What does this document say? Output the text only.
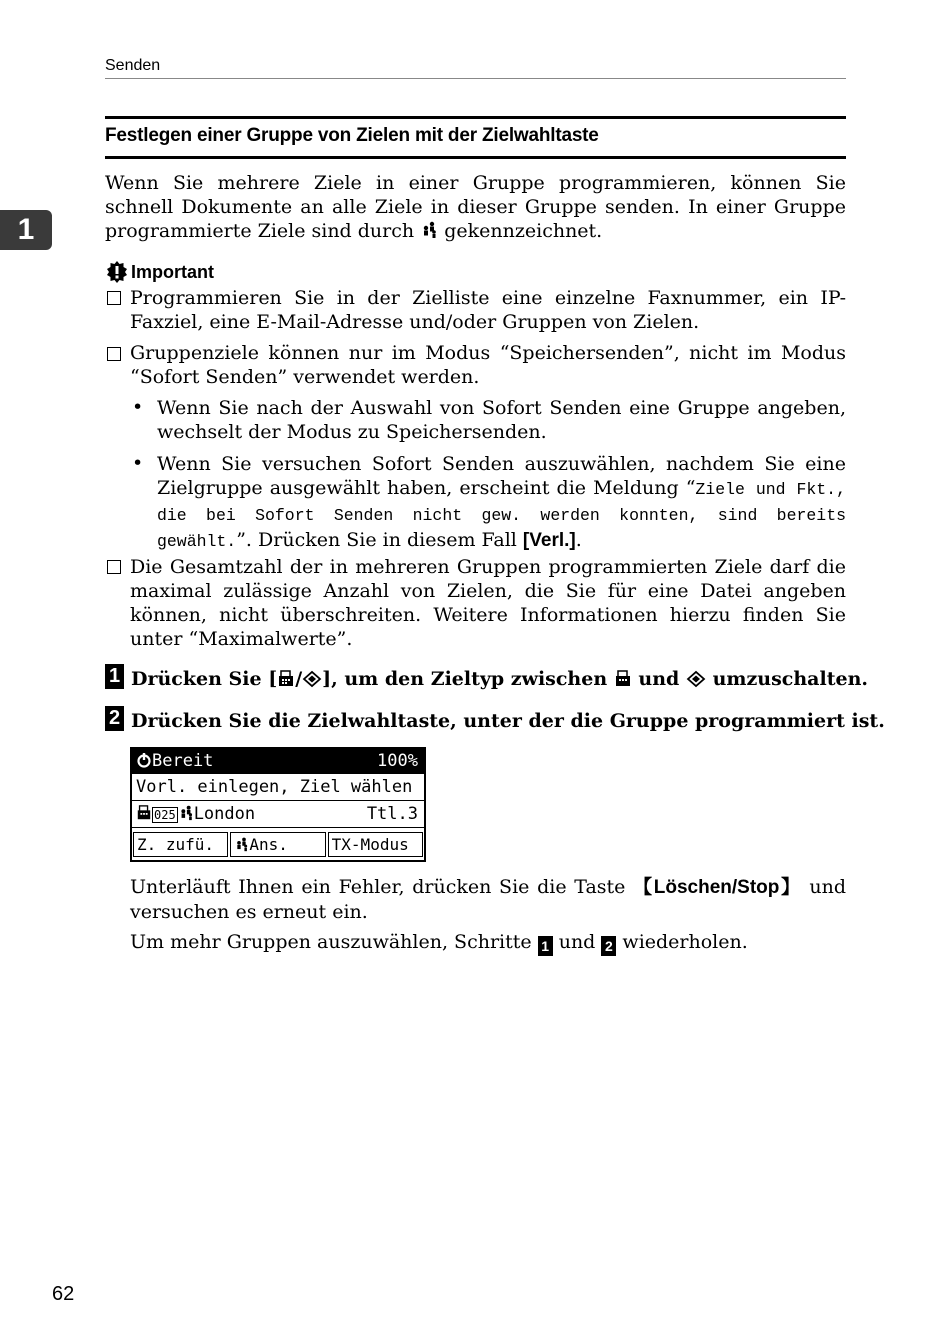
Senden
1
Festlegen einer Gruppe von Zielen mit der Zielwahltaste
Wenn Sie mehrere Ziele in einer Gruppe programmieren, können Sie schnell Dokumente an alle Ziele in dieser Gruppe senden. In einer Gruppe programmierte Ziele sind durch gekennzeichnet.
Important
Programmieren Sie in der Zielliste eine einzelne Faxnummer, ein IP-Faxziel, eine E-Mail-Adresse und/oder Gruppen von Zielen.
Gruppenziele können nur im Modus “Speichersenden”, nicht im Modus “Sofort Senden” verwendet werden.
• Wenn Sie nach der Auswahl von Sofort Senden eine Gruppe angeben, wechselt der Modus zu Speichersenden.
• Wenn Sie versuchen Sofort Senden auszuwählen, nachdem Sie eine Zielgruppe ausgewählt haben, erscheint die Meldung “Ziele und Fkt., die bei Sofort Senden nicht gew. werden konnten, sind bereits gewählt.”. Drücken Sie in diesem Fall [Verl.].
Die Gesamtzahl der in mehreren Gruppen programmierten Ziele darf die maximal zulässige Anzahl von Zielen, die Sie für eine Datei angeben können, nicht überschreiten. Weitere Informationen hierzu finden Sie unter “Maximalwerte”.
1 Drücken Sie [ / ], um den Zieltyp zwischen und umzuschalten.
2 Drücken Sie die Zielwahltaste, unter der die Gruppe programmiert ist.
Bereit	100%
Vorl. einlegen, Ziel wählen
025 London	Ttl.3
Z. zufü.	Ans.	TX-Modus
Unterläuft Ihnen ein Fehler, drücken Sie die Taste 【Löschen/Stop】 und versuchen es erneut ein.
Um mehr Gruppen auszuwählen, Schritte 1 und 2 wiederholen.
62
